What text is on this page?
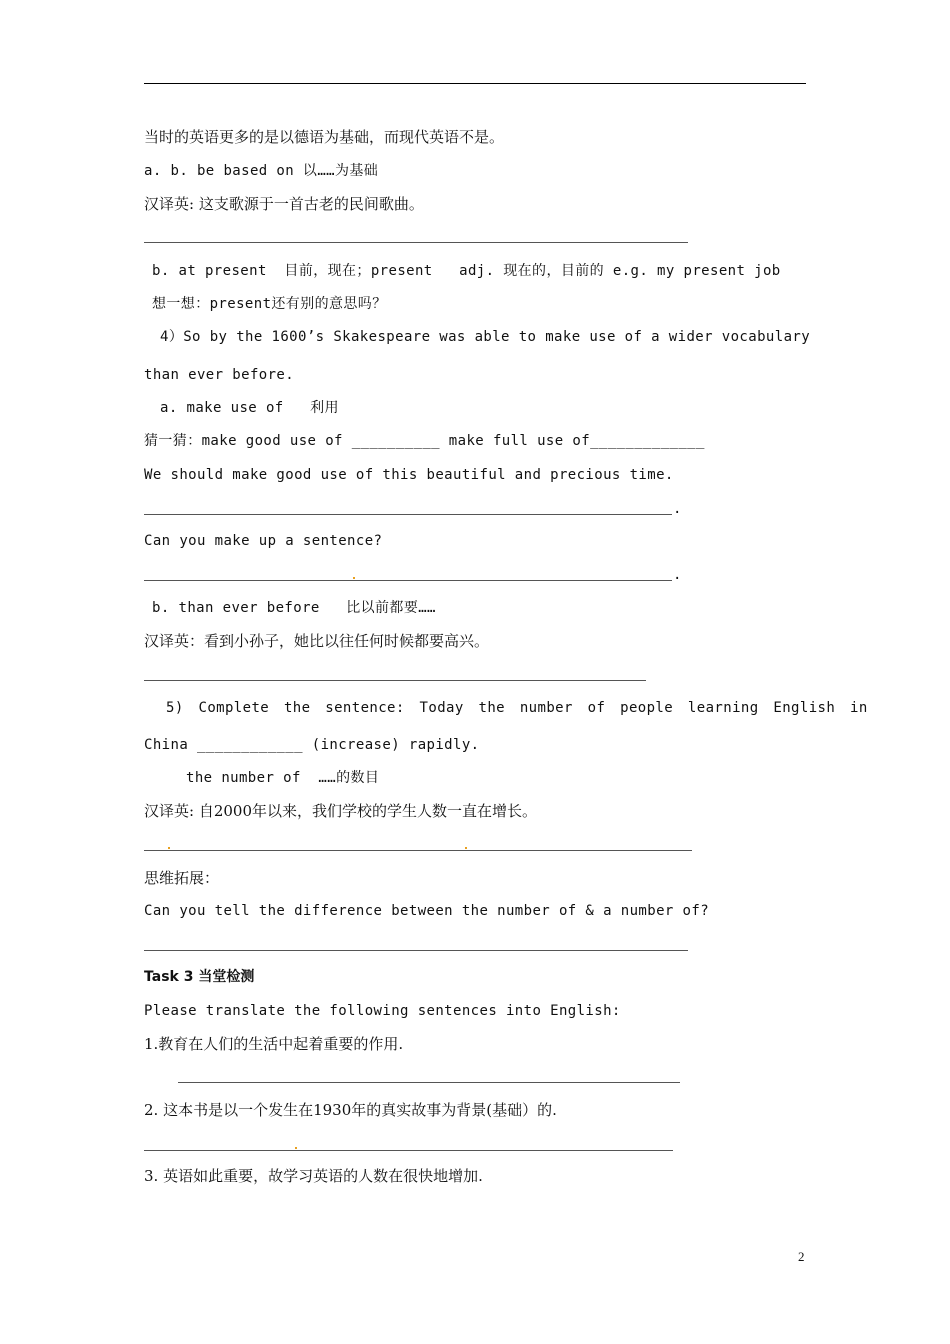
当时的英语更多的是以德语为基础，而现代英语不是。
a. b. be based on 以……为基础
汉译英: 这支歌源于一首古老的民间歌曲。
b. at present  目前，现在；present   adj. 现在的，目前的 e.g. my present job
想一想：present还有别的意思吗？
4）So by the 1600’s Skakespeare was able to make use of a wider vocabulary
than ever before.
a. make use of   利用
猜一猜：make good use of __________ make full use of_____________
We should make good use of this beautiful and precious time.
.
Can you make up a sentence?
.
b. than ever before   比以前都要……
汉译英：看到小孙子，她比以往任何时候都要高兴。
5) Complete the sentence: Today the number of people learning English in
China ____________ (increase) rapidly.
the number of  ……的数目
汉译英: 自2000年以来，我们学校的学生人数一直在增长。
思维拓展：
Can you tell the difference between the number of & a number of?
Task 3 当堂检测
Please translate the following sentences into English:
1.教育在人们的生活中起着重要的作用.
2. 这本书是以一个发生在1930年的真实故事为背景(基础）的.
3. 英语如此重要，故学习英语的人数在很快地增加.
2
